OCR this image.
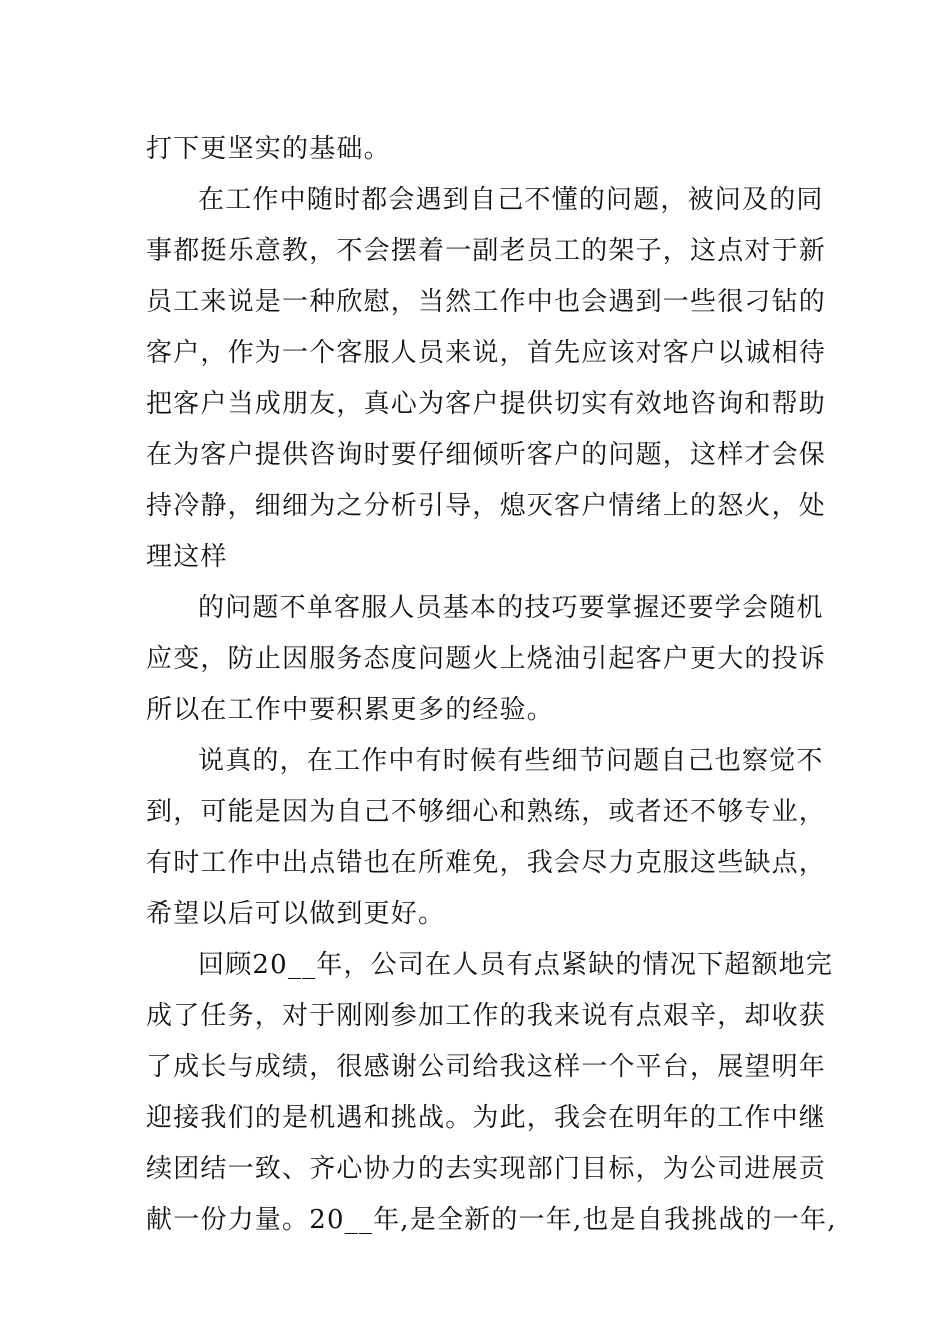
打下更坚实的基础。
在工作中随时都会遇到自己不懂的问题，被问及的同
事都挺乐意教，不会摆着一副老员工的架子，这点对于新
员工来说是一种欣慰，当然工作中也会遇到一些很刁钻的
客户，作为一个客服人员来说，首先应该对客户以诚相待
把客户当成朋友，真心为客户提供切实有效地咨询和帮助
在为客户提供咨询时要仔细倾听客户的问题，这样才会保
持冷静，细细为之分析引导，熄灭客户情绪上的怒火，处
理这样
的问题不单客服人员基本的技巧要掌握还要学会随机
应变，防止因服务态度问题火上烧油引起客户更大的投诉
所以在工作中要积累更多的经验。
说真的，在工作中有时候有些细节问题自己也察觉不
到，可能是因为自己不够细心和熟练，或者还不够专业，
有时工作中出点错也在所难免，我会尽力克服这些缺点，
希望以后可以做到更好。
回顾20__年，公司在人员有点紧缺的情况下超额地完
成了任务，对于刚刚参加工作的我来说有点艰辛，却收获
了成长与成绩，很感谢公司给我这样一个平台，展望明年
迎接我们的是机遇和挑战。为此，我会在明年的工作中继
续团结一致、齐心协力的去实现部门目标，为公司进展贡
献一份力量。20__年,是全新的一年,也是自我挑战的一年,
